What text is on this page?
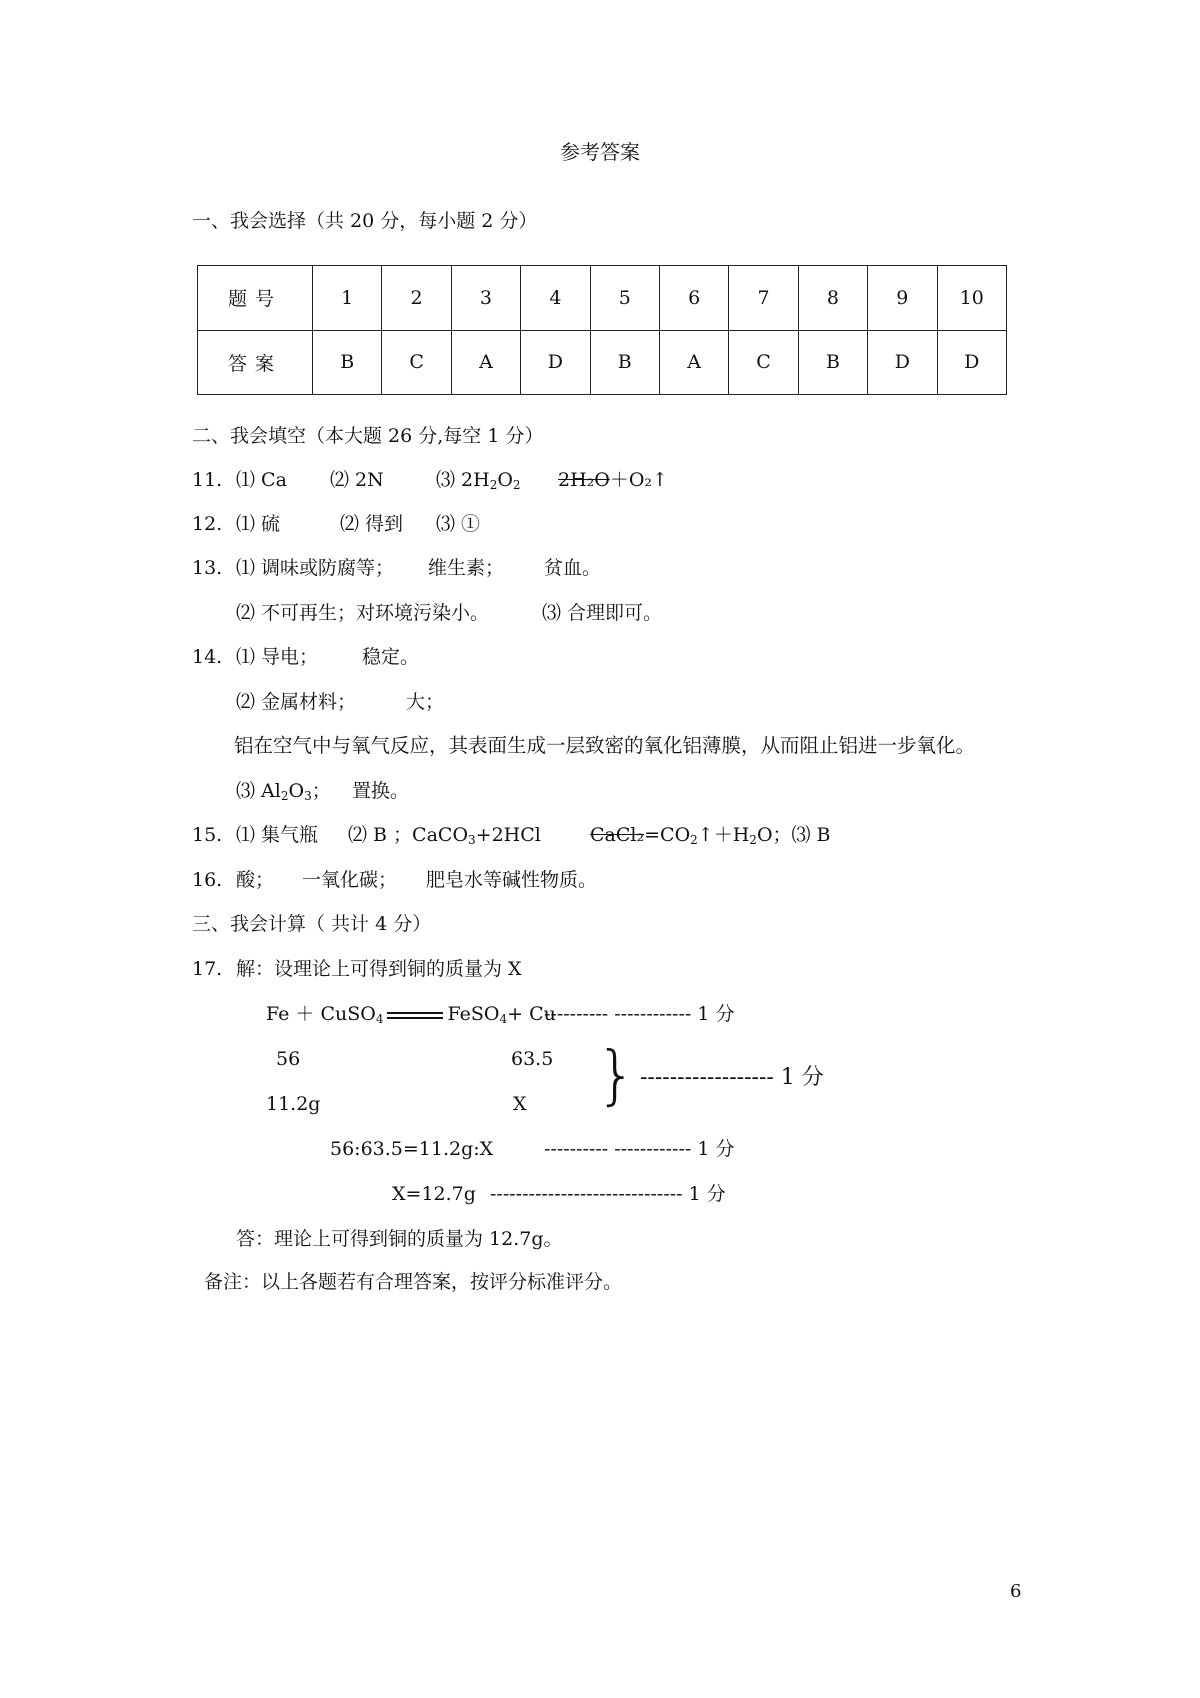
参考答案
一、我会选择（共 20 分，每小题 2 分）
题号	1	2	3	4	5	6	7	8	9	10
答案	B	C	A	D	B	A	C	B	D	D
二、我会填空（本大题 26 分,每空 1 分）
11. ⑴ Ca ⑵ 2N	⑶ $2H_2O_2$ 2H₂O＋O₂↑
12. ⑴ 硫	⑵ 得到 ⑶ ①
13. ⑴ 调味或防腐等； 维生素； 贫血。
⑵ 不可再生；对环境污染小。	⑶ 合理即可。
14. ⑴ 导电； 稳定。
⑵ 金属材料；	大；
铝在空气中与氧气反应，其表面生成一层致密的氧化铝薄膜，从而阻止铝进一步氧化。
⑶ $Al_2O_3$； 置换。
15. ⑴ 集气瓶 ⑵ B ；CaCO$_3$+2HCl	$CaCl_2=CO_2↑+H_2O$；⑶ B
16. 酸； 一氧化碳； 肥皂水等碱性物质。
三、我会计算（ 共计 4 分）
17. 解：设理论上可得到铜的质量为 X
Fe ＋ CuSO$_4$	FeSO$_4$+ Cu
---------- ------------ 1 分
56	63.5
11.2g	X } ------------------ 1 分
56:63.5=11.2g:X	---------- ------------ 1 分
X=12.7g ------------------------------ 1 分
答：理论上可得到铜的质量为 12.7g。
备注：以上各题若有合理答案，按评分标准评分。
6
